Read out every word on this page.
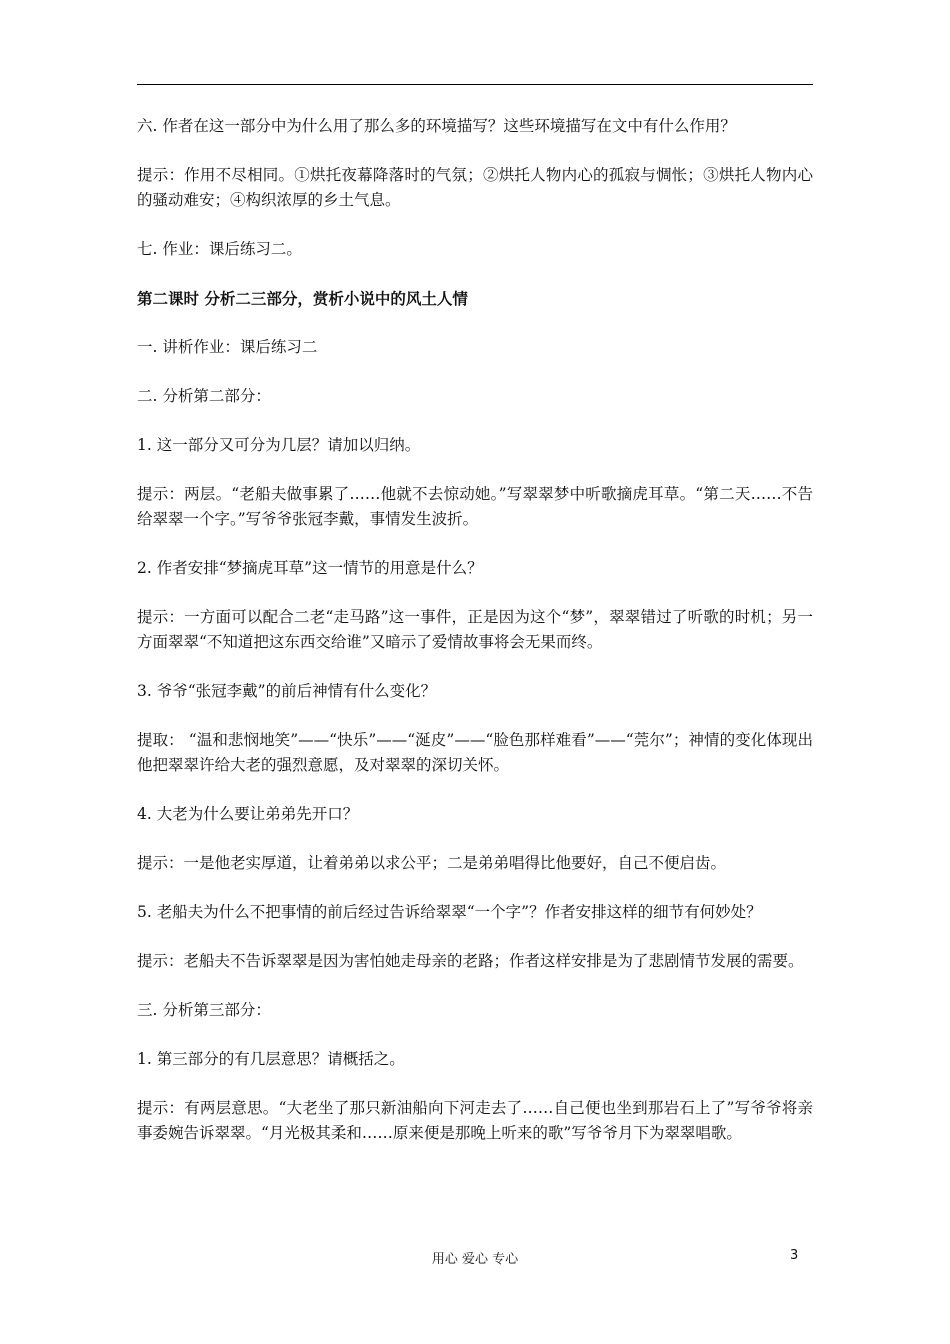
六. 作者在这一部分中为什么用了那么多的环境描写？这些环境描写在文中有什么作用？

提示：作用不尽相同。①烘托夜幕降落时的气氛；②烘托人物内心的孤寂与惆怅；③烘托人物内心的骚动难安；④构织浓厚的乡土气息。

七. 作业：课后练习二。

第二课时 分析二三部分，赏析小说中的风土人情

一. 讲析作业：课后练习二

二. 分析第二部分：

1. 这一部分又可分为几层？请加以归纳。

提示：两层。“老船夫做事累了……他就不去惊动她。”写翠翠梦中听歌摘虎耳草。“第二天……不告给翠翠一个字。”写爷爷张冠李戴，事情发生波折。

2. 作者安排“梦摘虎耳草”这一情节的用意是什么？

提示：一方面可以配合二老“走马路”这一事件，正是因为这个“梦”，翠翠错过了听歌的时机；另一方面翠翠“不知道把这东西交给谁”又暗示了爱情故事将会无果而终。

3. 爷爷“张冠李戴”的前后神情有什么变化？

提取： “温和悲悯地笑”——“快乐”——“涎皮”——“脸色那样难看”——“莞尔”；神情的变化体现出他把翠翠许给大老的强烈意愿，及对翠翠的深切关怀。

4. 大老为什么要让弟弟先开口？

提示：一是他老实厚道，让着弟弟以求公平；二是弟弟唱得比他要好，自己不便启齿。

5. 老船夫为什么不把事情的前后经过告诉给翠翠“一个字”？作者安排这样的细节有何妙处？

提示：老船夫不告诉翠翠是因为害怕她走母亲的老路；作者这样安排是为了悲剧情节发展的需要。

三. 分析第三部分：

1. 第三部分的有几层意思？请概括之。

提示：有两层意思。“大老坐了那只新油船向下河走去了……自己便也坐到那岩石上了”写爷爷将亲事委婉告诉翠翠。“月光极其柔和……原来便是那晚上听来的歌”写爷爷月下为翠翠唱歌。

用心 爱心 专心	3
